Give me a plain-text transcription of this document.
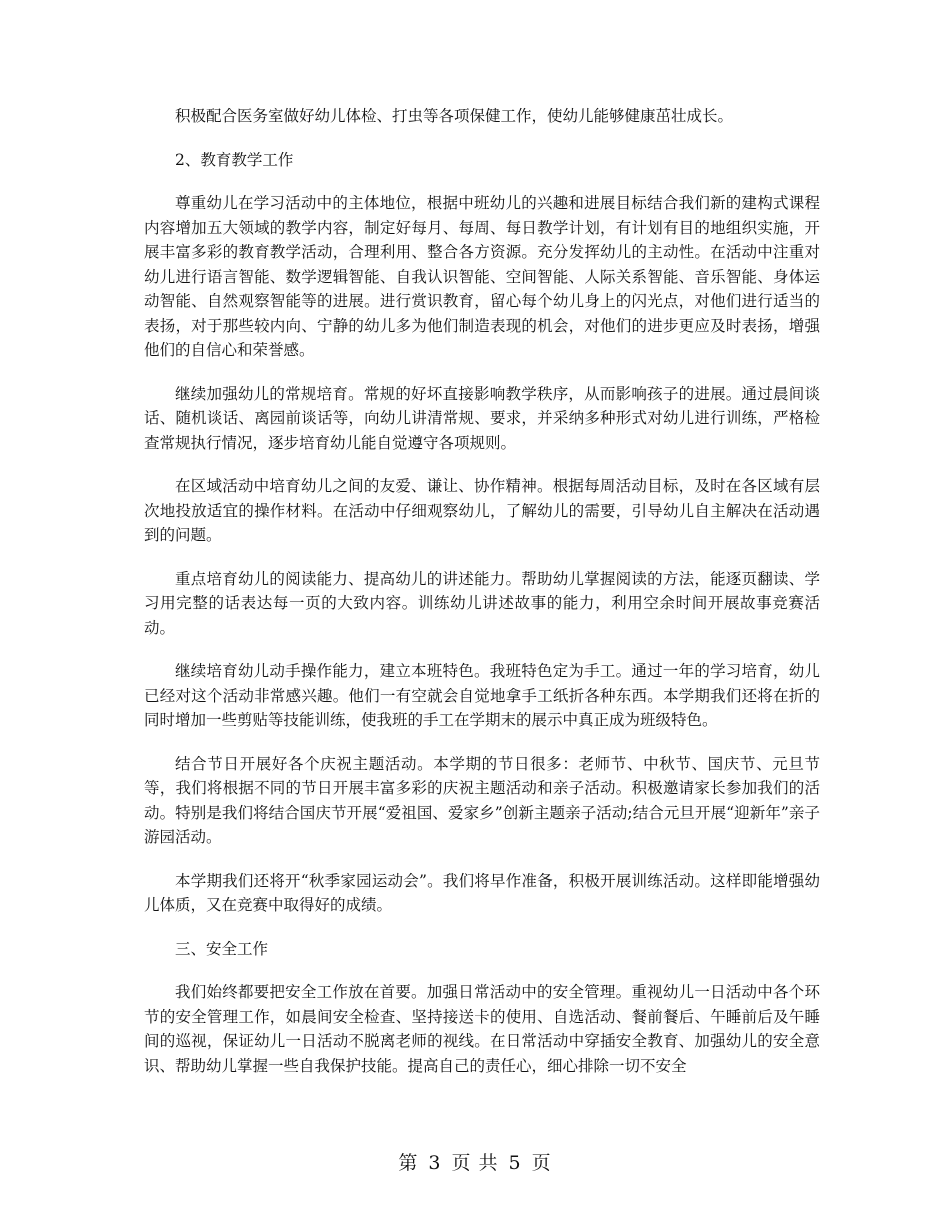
积极配合医务室做好幼儿体检、打虫等各项保健工作，使幼儿能够健康茁壮成长。

2、教育教学工作

尊重幼儿在学习活动中的主体地位，根据中班幼儿的兴趣和进展目标结合我们新的建构式课程内容增加五大领域的教学内容，制定好每月、每周、每日教学计划，有计划有目的地组织实施，开展丰富多彩的教育教学活动，合理利用、整合各方资源。充分发挥幼儿的主动性。在活动中注重对幼儿进行语言智能、数学逻辑智能、自我认识智能、空间智能、人际关系智能、音乐智能、身体运动智能、自然观察智能等的进展。进行赏识教育，留心每个幼儿身上的闪光点，对他们进行适当的表扬，对于那些较内向、宁静的幼儿多为他们制造表现的机会，对他们的进步更应及时表扬，增强他们的自信心和荣誉感。

继续加强幼儿的常规培育。常规的好坏直接影响教学秩序，从而影响孩子的进展。通过晨间谈话、随机谈话、离园前谈话等，向幼儿讲清常规、要求，并采纳多种形式对幼儿进行训练，严格检查常规执行情况，逐步培育幼儿能自觉遵守各项规则。

在区域活动中培育幼儿之间的友爱、谦让、协作精神。根据每周活动目标，及时在各区域有层次地投放适宜的操作材料。在活动中仔细观察幼儿，了解幼儿的需要，引导幼儿自主解决在活动遇到的问题。

重点培育幼儿的阅读能力、提高幼儿的讲述能力。帮助幼儿掌握阅读的方法，能逐页翻读、学习用完整的话表达每一页的大致内容。训练幼儿讲述故事的能力，利用空余时间开展故事竞赛活动。

继续培育幼儿动手操作能力，建立本班特色。我班特色定为手工。通过一年的学习培育，幼儿已经对这个活动非常感兴趣。他们一有空就会自觉地拿手工纸折各种东西。本学期我们还将在折的同时增加一些剪贴等技能训练，使我班的手工在学期末的展示中真正成为班级特色。

结合节日开展好各个庆祝主题活动。本学期的节日很多：老师节、中秋节、国庆节、元旦节等，我们将根据不同的节日开展丰富多彩的庆祝主题活动和亲子活动。积极邀请家长参加我们的活动。特别是我们将结合国庆节开展“爱祖国、爱家乡”创新主题亲子活动;结合元旦开展“迎新年”亲子游园活动。

本学期我们还将开“秋季家园运动会”。我们将早作准备，积极开展训练活动。这样即能增强幼儿体质，又在竞赛中取得好的成绩。

三、安全工作

我们始终都要把安全工作放在首要。加强日常活动中的安全管理。重视幼儿一日活动中各个环节的安全管理工作，如晨间安全检查、坚持接送卡的使用、自选活动、餐前餐后、午睡前后及午睡间的巡视，保证幼儿一日活动不脱离老师的视线。在日常活动中穿插安全教育、加强幼儿的安全意识、帮助幼儿掌握一些自我保护技能。提高自己的责任心，细心排除一切不安全

第 3 页 共 5 页
